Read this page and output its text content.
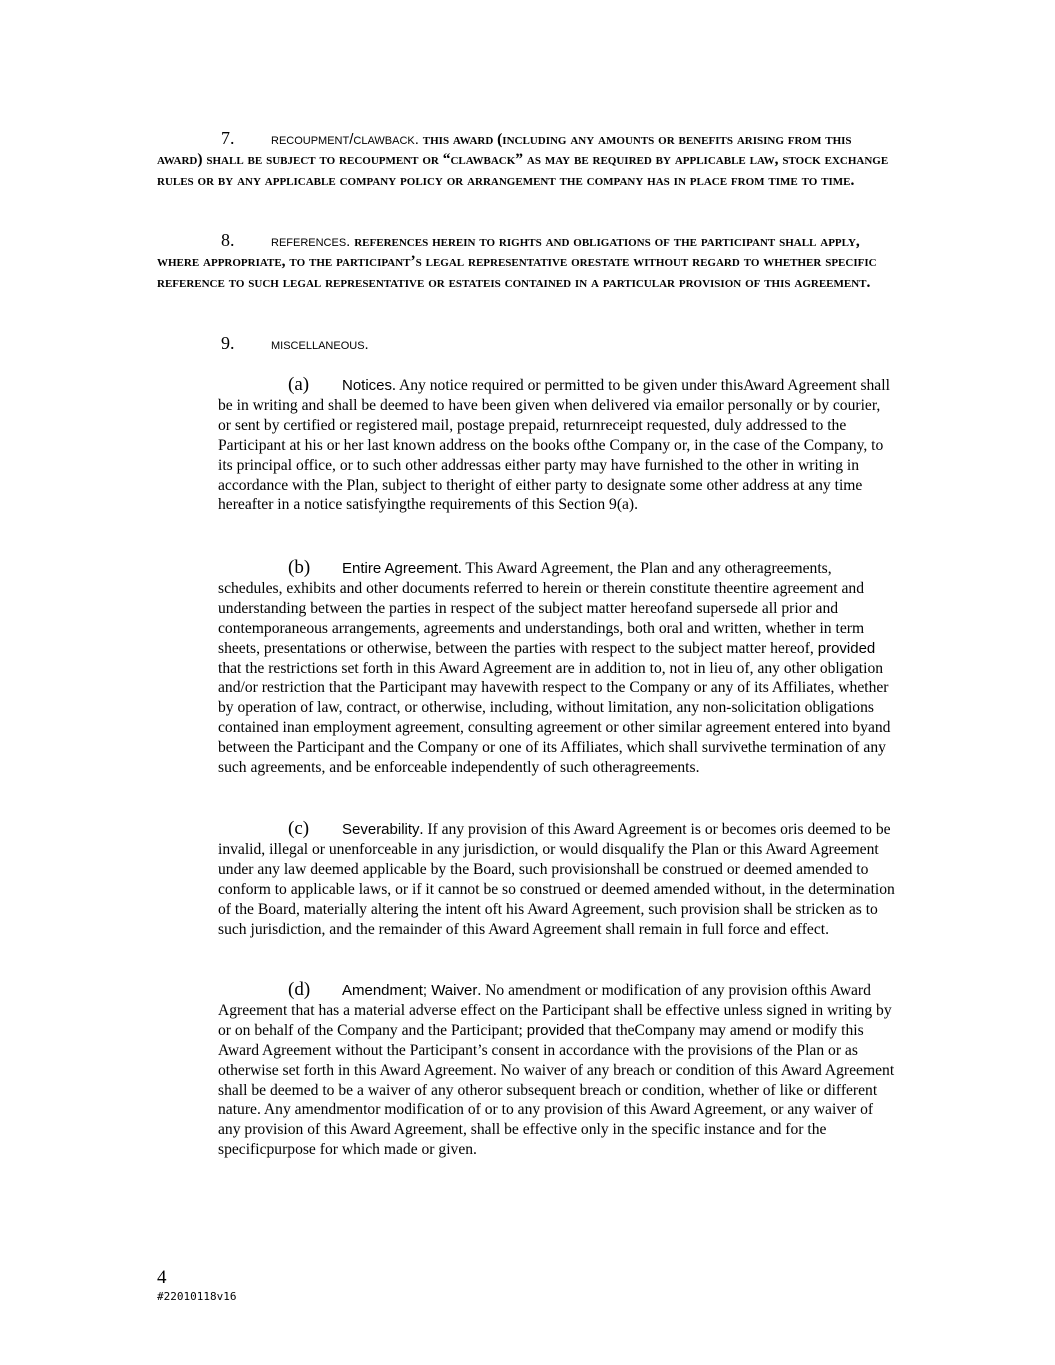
7. recoupment/clawback. this award (including any amounts or benefits arising from this award) shall be subject to recoupment or “clawback” as may be required by applicable law, stock exchange rules or by any applicable company policy or arrangement the company has in place from time to time.
8. references. references herein to rights and obligations of the participant shall apply, where appropriate, to the participant’s legal representative orestate without regard to whether specific reference to such legal representative or estateis contained in a particular provision of this agreement.
9. miscellaneous.
(a) Notices. Any notice required or permitted to be given under thisAward Agreement shall be in writing and shall be deemed to have been given when delivered via emailor personally or by courier, or sent by certified or registered mail, postage prepaid, returnreceipt requested, duly addressed to the Participant at his or her last known address on the books ofthe Company or, in the case of the Company, to its principal office, or to such other addressas either party may have furnished to the other in writing in accordance with the Plan, subject to theright of either party to designate some other address at any time hereafter in a notice satisfyingthe requirements of this Section 9(a).
(b) Entire Agreement. This Award Agreement, the Plan and any otheragreements, schedules, exhibits and other documents referred to herein or therein constitute theentire agreement and understanding between the parties in respect of the subject matter hereofand supersede all prior and contemporaneous arrangements, agreements and understandings, both oral and written, whether in term sheets, presentations or otherwise, between the parties with respect to the subject matter hereof, provided that the restrictions set forth in this Award Agreement are in addition to, not in lieu of, any other obligation and/or restriction that the Participant may havewith respect to the Company or any of its Affiliates, whether by operation of law, contract, or otherwise, including, without limitation, any non-solicitation obligations contained inan employment agreement, consulting agreement or other similar agreement entered into byand between the Participant and the Company or one of its Affiliates, which shall survivethe termination of any such agreements, and be enforceable independently of such otheragreements.
(c) Severability. If any provision of this Award Agreement is or becomes oris deemed to be invalid, illegal or unenforceable in any jurisdiction, or would disqualify the Plan or this Award Agreement under any law deemed applicable by the Board, such provisionshall be construed or deemed amended to conform to applicable laws, or if it cannot be so construed or deemed amended without, in the determination of the Board, materially altering the intent oft his Award Agreement, such provision shall be stricken as to such jurisdiction, and the remainder of this Award Agreement shall remain in full force and effect.
(d) Amendment; Waiver. No amendment or modification of any provision ofthis Award Agreement that has a material adverse effect on the Participant shall be effective unless signed in writing by or on behalf of the Company and the Participant; provided that theCompany may amend or modify this Award Agreement without the Participant’s consent in accordance with the provisions of the Plan or as otherwise set forth in this Award Agreement. No waiver of any breach or condition of this Award Agreement shall be deemed to be a waiver of any otheror subsequent breach or condition, whether of like or different nature. Any amendmentor modification of or to any provision of this Award Agreement, or any waiver of any provision of this Award Agreement, shall be effective only in the specific instance and for the specificpurpose for which made or given.
4
#22010118v16
